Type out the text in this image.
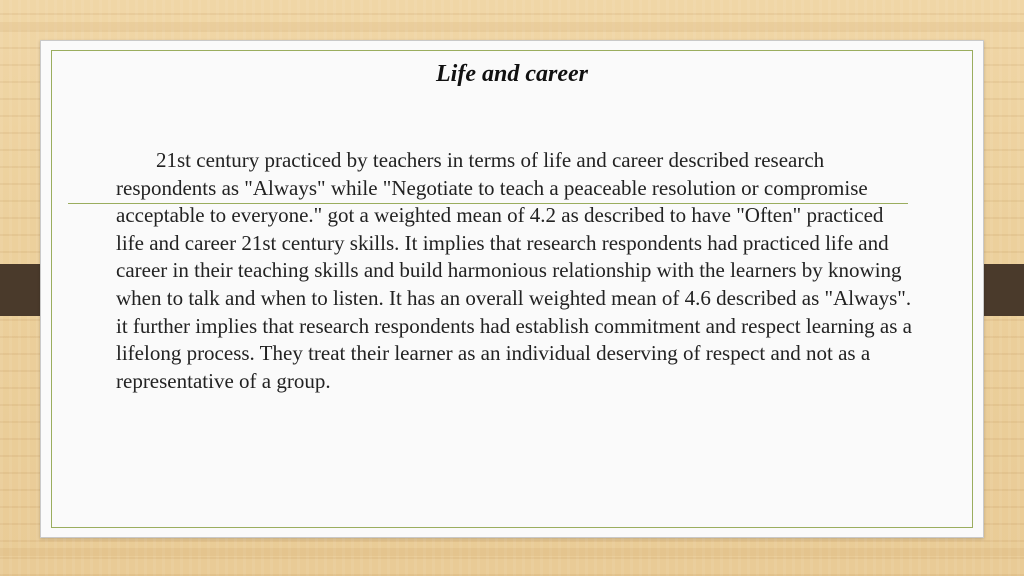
Life and career

21st century practiced by teachers in terms of life and career described research respondents as "Always" while "Negotiate to teach a peaceable resolution or compromise acceptable to everyone." got a weighted mean of 4.2 as described to have "Often" practiced life and career 21st century skills. It implies that research respondents had practiced life and career in their teaching skills and build harmonious relationship with the learners by knowing when to talk and when to listen. It has an overall weighted mean of 4.6 described as "Always". it further implies that research respondents had establish commitment and respect learning as a lifelong process. They treat their learner as an individual deserving of respect and not as a representative of a group.
